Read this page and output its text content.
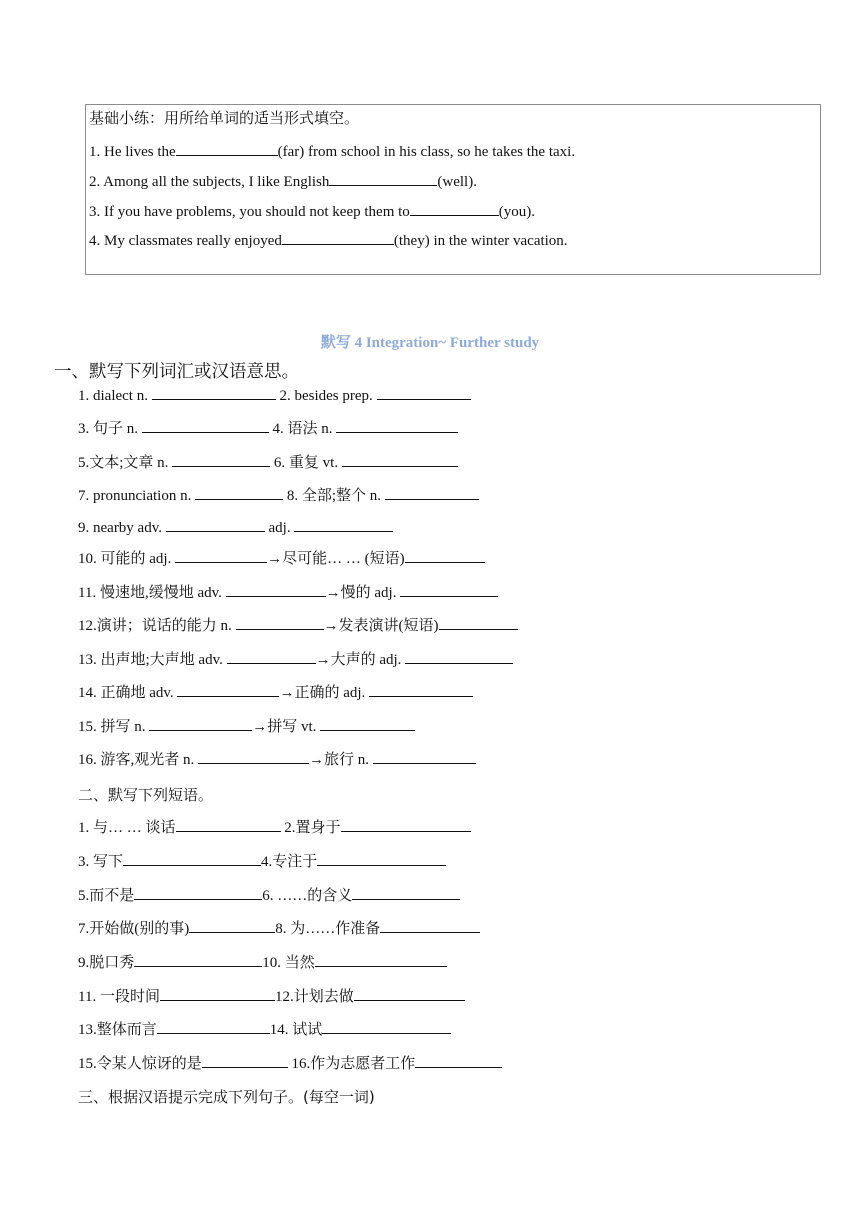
基础小练：用所给单词的适当形式填空。
1. He lives the	(far) from school in his class, so he takes the taxi.
2. Among all the subjects, I like English	(well).
3. If you have problems, you should not keep them to	(you).
4. My classmates really enjoyed	(they) in the winter vacation.
默写 4 Integration~ Further study
一、默写下列词汇或汉语意思。
1. dialect n.	2. besides prep.
3. 句子 n.	4. 语法 n.
5.文本;文章 n.	6. 重复 vt.
7. pronunciation n.	8. 全部;整个 n.
9. nearby adv.	adj.
10. 可能的 adj.	→尽可能… … (短语)
11. 慢速地,缓慢地 adv.	→慢的 adj.
12.演讲；说话的能力 n.	→发表演讲(短语)
13. 出声地;大声地 adv.	→大声的 adj.
14. 正确地 adv.	→正确的 adj.
15. 拼写 n.	→拼写 vt.
16. 游客,观光者 n.	→旅行 n.
二、默写下列短语。
1. 与… … 谈话	2.置身于
3. 写下	4.专注于
5.而不是	6. ……的含义
7.开始做(别的事)	8. 为……作准备
9.脱口秀	10. 当然
11. 一段时间	12.计划去做
13.整体而言	14. 试试
15.令某人惊讶的是	16.作为志愿者工作
三、根据汉语提示完成下列句子。(每空一词)
